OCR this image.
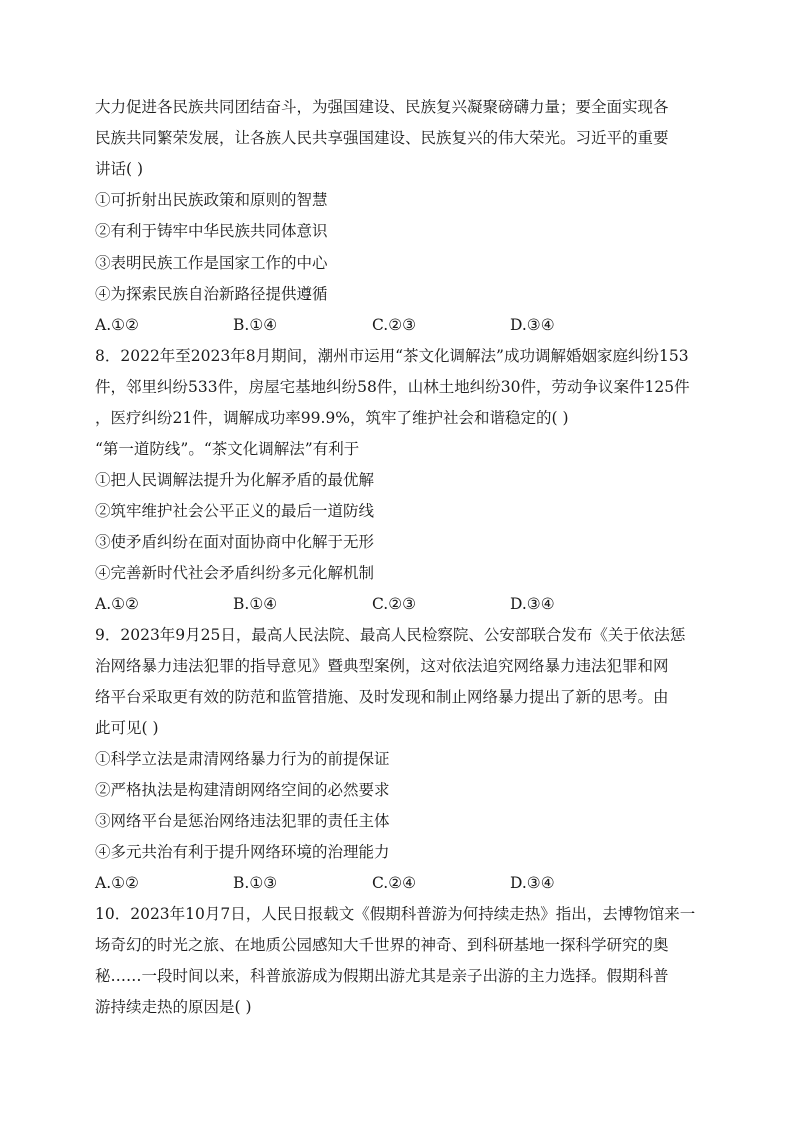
大力促进各民族共同团结奋斗，为强国建设、民族复兴凝聚磅礴力量；要全面实现各
民族共同繁荣发展，让各族人民共享强国建设、民族复兴的伟大荣光。习近平的重要
讲话( )
①可折射出民族政策和原则的智慧
②有利于铸牢中华民族共同体意识
③表明民族工作是国家工作的中心
④为探索民族自治新路径提供遵循
A.①②	B.①④	C.②③	D.③④
8．2022年至2023年8月期间，潮州市运用“茶文化调解法”成功调解婚姻家庭纠纷153
件，邻里纠纷533件，房屋宅基地纠纷58件，山林土地纠纷30件，劳动争议案件125件
，医疗纠纷21件，调解成功率99.9%，筑牢了维护社会和谐稳定的( )
“第一道防线”。“茶文化调解法”有利于
①把人民调解法提升为化解矛盾的最优解
②筑牢维护社会公平正义的最后一道防线
③使矛盾纠纷在面对面协商中化解于无形
④完善新时代社会矛盾纠纷多元化解机制
A.①②	B.①④	C.②③	D.③④
9．2023年9月25日，最高人民法院、最高人民检察院、公安部联合发布《关于依法惩
治网络暴力违法犯罪的指导意见》暨典型案例，这对依法追究网络暴力违法犯罪和网
络平台采取更有效的防范和监管措施、及时发现和制止网络暴力提出了新的思考。由
此可见( )
①科学立法是肃清网络暴力行为的前提保证
②严格执法是构建清朗网络空间的必然要求
③网络平台是惩治网络违法犯罪的责任主体
④多元共治有利于提升网络环境的治理能力
A.①②	B.①③	C.②④	D.③④
10．2023年10月7日，人民日报载文《假期科普游为何持续走热》指出，去博物馆来一
场奇幻的时光之旅、在地质公园感知大千世界的神奇、到科研基地一探科学研究的奥
秘……一段时间以来，科普旅游成为假期出游尤其是亲子出游的主力选择。假期科普
游持续走热的原因是( )
